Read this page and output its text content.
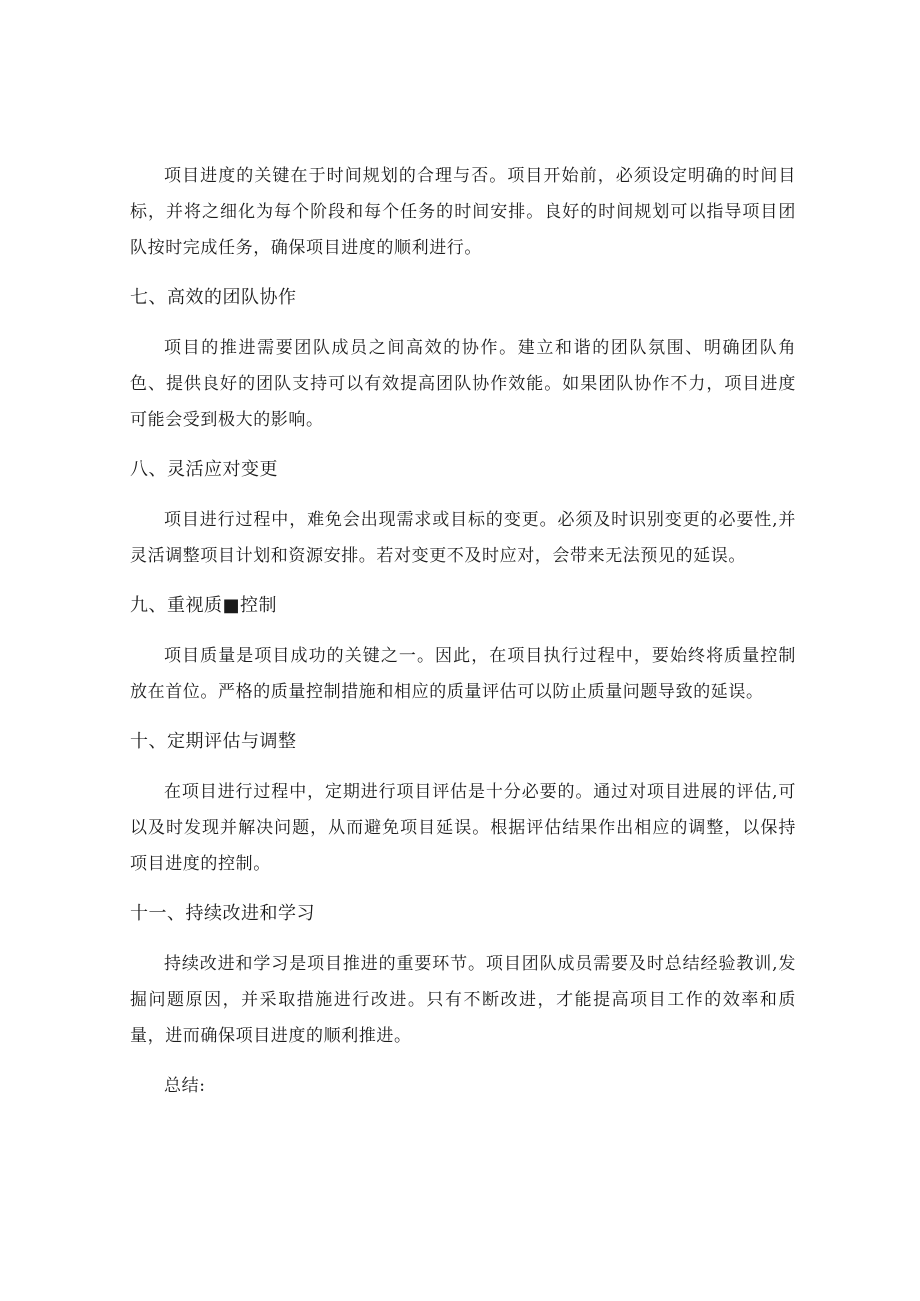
项目进度的关键在于时间规划的合理与否。项目开始前，必须设定明确的时间目标，并将之细化为每个阶段和每个任务的时间安排。良好的时间规划可以指导项目团队按时完成任务，确保项目进度的顺利进行。

七、高效的团队协作

项目的推进需要团队成员之间高效的协作。建立和谐的团队氛围、明确团队角色、提供良好的团队支持可以有效提高团队协作效能。如果团队协作不力，项目进度可能会受到极大的影响。

八、灵活应对变更

项目进行过程中，难免会出现需求或目标的变更。必须及时识别变更的必要性,并灵活调整项目计划和资源安排。若对变更不及时应对，会带来无法预见的延误。

九、重视质■控制

项目质量是项目成功的关键之一。因此，在项目执行过程中，要始终将质量控制放在首位。严格的质量控制措施和相应的质量评估可以防止质量问题导致的延误。

十、定期评估与调整

在项目进行过程中，定期进行项目评估是十分必要的。通过对项目进展的评估,可以及时发现并解决问题，从而避免项目延误。根据评估结果作出相应的调整，以保持项目进度的控制。

十一、持续改进和学习

持续改进和学习是项目推进的重要环节。项目团队成员需要及时总结经验教训,发掘问题原因，并采取措施进行改进。只有不断改进，才能提高项目工作的效率和质量，进而确保项目进度的顺利推进。

总结:
